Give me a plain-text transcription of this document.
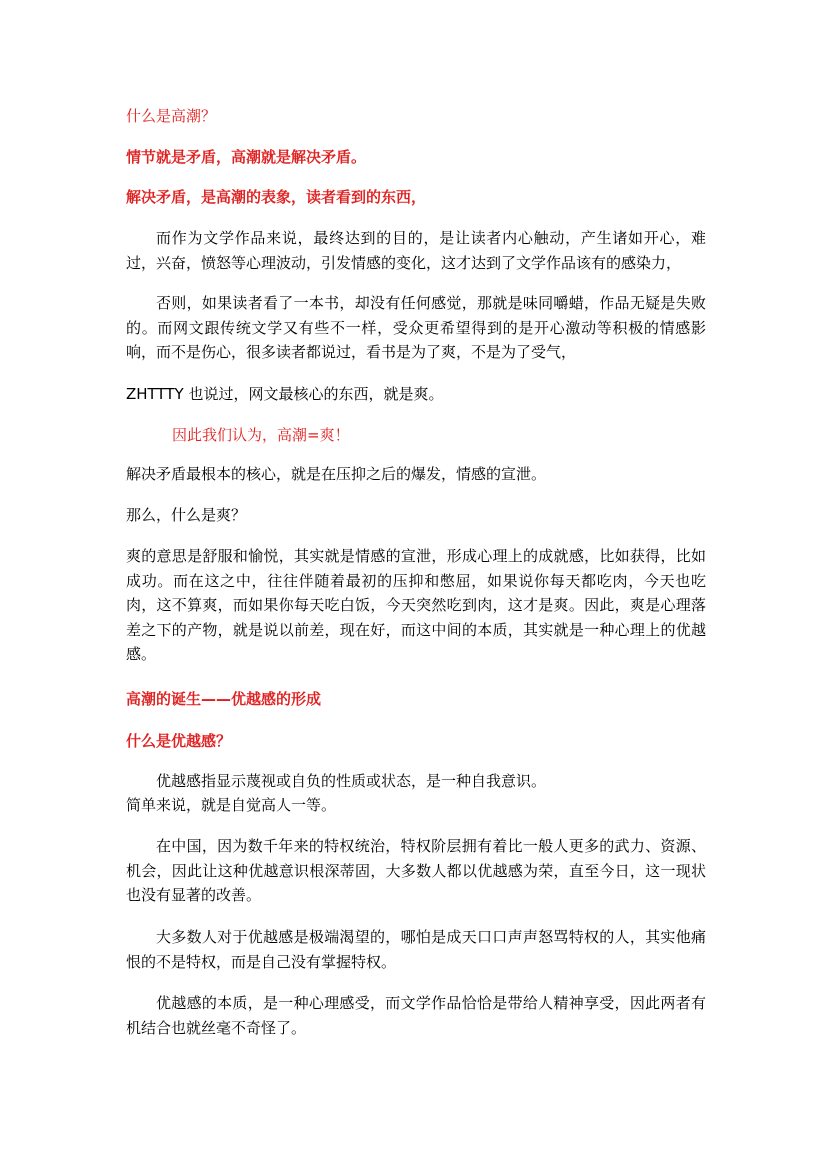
什么是高潮？

情节就是矛盾，高潮就是解决矛盾。

解决矛盾，是高潮的表象，读者看到的东西，

而作为文学作品来说，最终达到的目的，是让读者内心触动，产生诸如开心，难过，兴奋，愤怒等心理波动，引发情感的变化，这才达到了文学作品该有的感染力，

否则，如果读者看了一本书，却没有任何感觉，那就是味同嚼蜡，作品无疑是失败的。而网文跟传统文学又有些不一样，受众更希望得到的是开心激动等积极的情感影响，而不是伤心，很多读者都说过，看书是为了爽，不是为了受气，

ZHTTTY 也说过，网文最核心的东西，就是爽。

因此我们认为，高潮=爽！

解决矛盾最根本的核心，就是在压抑之后的爆发，情感的宣泄。

那么，什么是爽？

爽的意思是舒服和愉悦，其实就是情感的宣泄，形成心理上的成就感，比如获得，比如成功。而在这之中，往往伴随着最初的压抑和憋屈，如果说你每天都吃肉，今天也吃肉，这不算爽，而如果你每天吃白饭，今天突然吃到肉，这才是爽。因此，爽是心理落差之下的产物，就是说以前差，现在好，而这中间的本质，其实就是一种心理上的优越感。

高潮的诞生——优越感的形成

什么是优越感？

优越感指显示蔑视或自负的性质或状态，是一种自我意识。

简单来说，就是自觉高人一等。

在中国，因为数千年来的特权统治，特权阶层拥有着比一般人更多的武力、资源、机会，因此让这种优越意识根深蒂固，大多数人都以优越感为荣，直至今日，这一现状也没有显著的改善。

大多数人对于优越感是极端渴望的，哪怕是成天口口声声怒骂特权的人，其实他痛恨的不是特权，而是自己没有掌握特权。

优越感的本质，是一种心理感受，而文学作品恰恰是带给人精神享受，因此两者有机结合也就丝毫不奇怪了。
